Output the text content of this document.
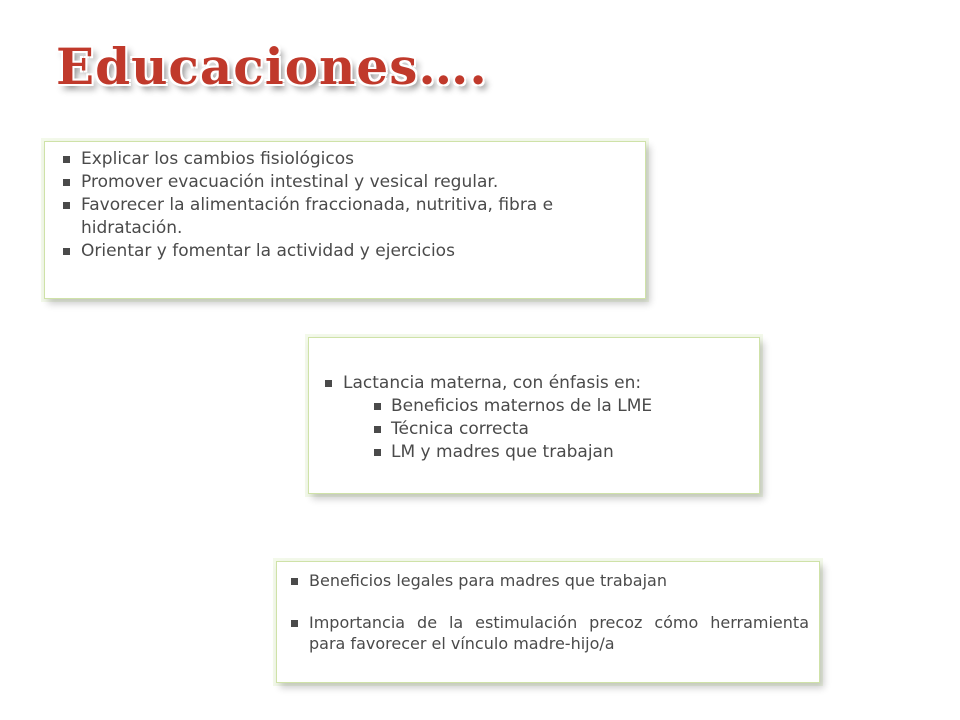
Educaciones….
Explicar los cambios fisiológicos
Promover evacuación intestinal y vesical regular.
Favorecer la alimentación fraccionada, nutritiva, fibra e hidratación.
Orientar y fomentar la actividad y ejercicios
Lactancia materna, con énfasis en:
Beneficios maternos de la LME
Técnica correcta
LM y madres que trabajan
Beneficios legales para madres que trabajan
Importancia de la estimulación precoz cómo herramienta para favorecer el vínculo madre-hijo/a
